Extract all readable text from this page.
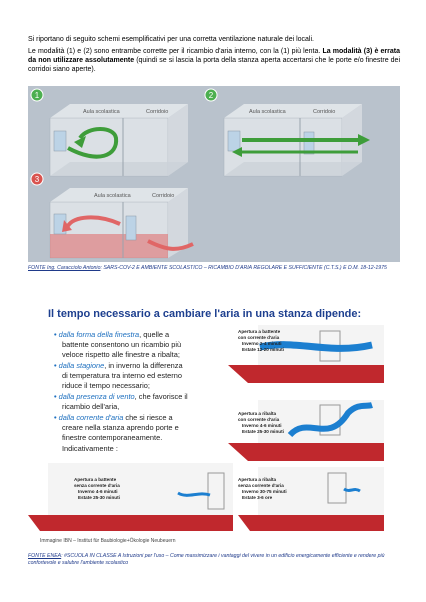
Si riportano di seguito schemi esemplificativi per una corretta ventilazione naturale dei locali.
Le modalità (1) e (2) sono entrambe corrette per il ricambio d'aria interno, con la (1) più lenta. La modalità (3) è errata da non utilizzare assolutamente (quindi se si lascia la porta della stanza aperta accertarsi che le porte e/o finestre dei corridoi siano aperte).
1
Aula scolastica	Corridoio
2
Aula scolastica	Corridoio
3
Aula scolastica	Corridoio
FONTE Ing. Caracciolo Antonio: SARS-COV-2 E AMBIENTE SCOLASTICO – RICAMBIO D'ARIA REGOLARE E SUFFICIENTE (C.T.S.) E D.M. 18-12-1975
Il tempo necessario a cambiare l'aria in una stanza dipende:
• dalla forma della finestra, quelle a
battente consentono un ricambio più
veloce rispetto alle finestre a ribalta;
• dalla stagione, in inverno la differenza
di temperatura tra interno ed esterno
riduce il tempo necessario;
• dalla presenza di vento, che favorisce il
ricambio dell'aria,
• dalla corrente d'aria che si riesce a
creare nella stanza aprendo porte e
finestre contemporaneamente.
Indicativamente :
Apertura a battente
con corrente d'aria
Inverno 2-4 minuti
Estate 12-20 minuti
Apertura a ribalta
con corrente d'aria
Inverno 4-6 minuti
Estate 25-30 minuti
Apertura a battente
senza corrente d'aria
Inverno 4-6 minuti
Estate 25-30 minuti
Apertura a ribalta
senza corrente d'aria
Inverno 30-75 minuti
Estate 3-6 ore
Immagine IBN – Institut für Baubiologie+Ökologie Neubeuern
FONTE ENEA: #SCUOLA IN CLASSE A Istruzioni per l'uso – Come massimizzare i vantaggi del vivere in un edificio energicamente efficiente e rendere più confortevole e salubre l'ambiente scolastico
